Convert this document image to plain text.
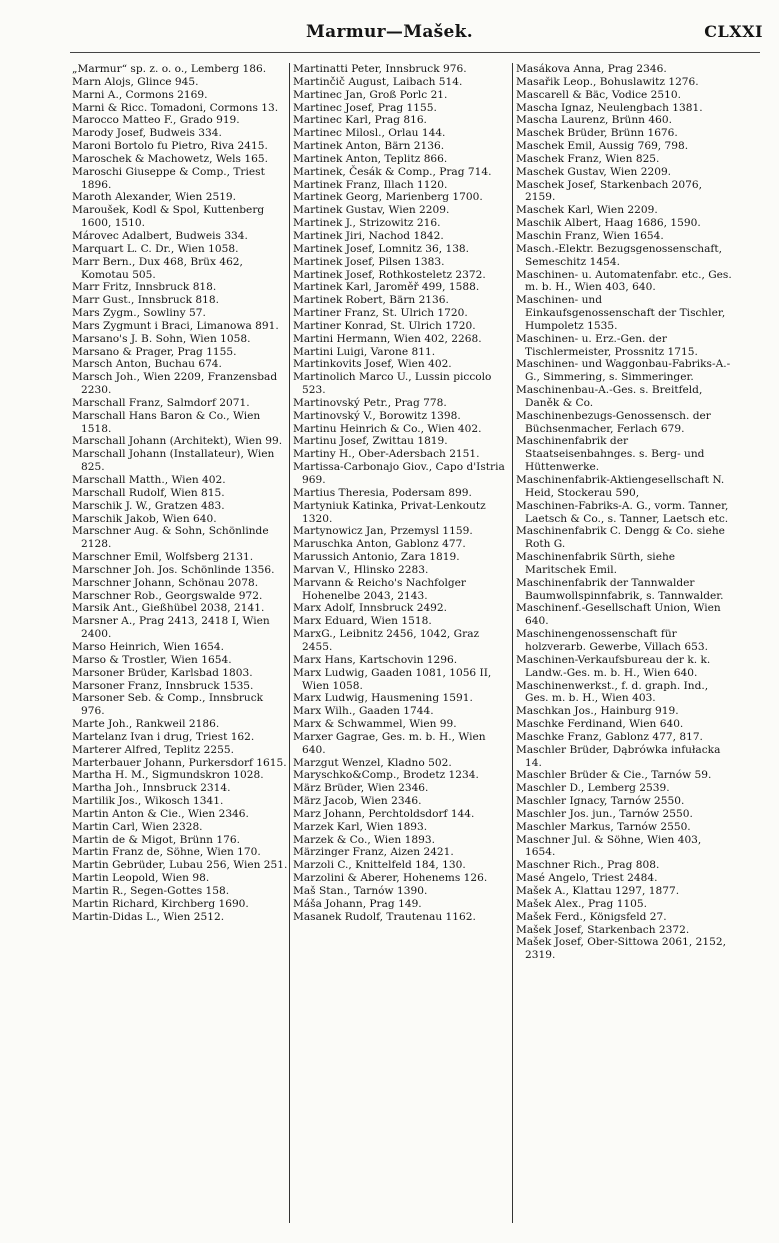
Marmur—Mašek.	CLXXI
„Marmur“ sp. z. o. o., Lemberg 186.
Marn Alojs, Glince 945.
Marni A., Cormons 2169.
Marni & Ricc. Tomadoni, Cormons 13.
Marocco Matteo F., Grado 919.
Marody Josef, Budweis 334.
Maroni Bortolo fu Pietro, Riva 2415.
Maroschek & Machowetz, Wels 165.
Maroschi Giuseppe & Comp., Triest 1896.
Maroth Alexander, Wien 2519.
Maroušek, Kodl & Spol, Kuttenberg 1600, 1510.
Márovec Adalbert, Budweis 334.
Marquart L. C. Dr., Wien 1058.
Marr Bern., Dux 468, Brüx 462, Komotau 505.
Marr Fritz, Innsbruck 818.
Marr Gust., Innsbruck 818.
Mars Zygm., Sowliny 57.
Mars Zygmunt i Braci, Limanowa 891.
Marsano's J. B. Sohn, Wien 1058.
Marsano & Prager, Prag 1155.
Marsch Anton, Buchau 674.
Marsch Joh., Wien 2209, Franzensbad 2230.
Marschall Franz, Salmdorf 2071.
Marschall Hans Baron & Co., Wien 1518.
Marschall Johann (Architekt), Wien 99.
Marschall Johann (Installateur), Wien 825.
Marschall Matth., Wien 402.
Marschall Rudolf, Wien 815.
Marschik J. W., Gratzen 483.
Marschik Jakob, Wien 640.
Marschner Aug. & Sohn, Schönlinde 2128.
Marschner Emil, Wolfsberg 2131.
Marschner Joh. Jos. Schönlinde 1356.
Marschner Johann, Schönau 2078.
Marschner Rob., Georgswalde 972.
Marsik Ant., Gießhübel 2038, 2141.
Marsner A., Prag 2413, 2418 I, Wien 2400.
Marso Heinrich, Wien 1654.
Marso & Trostler, Wien 1654.
Marsoner Brüder, Karlsbad 1803.
Marsoner Franz, Innsbruck 1535.
Marsoner Seb. & Comp., Innsbruck 976.
Marte Joh., Rankweil 2186.
Martelanz Ivan i drug, Triest 162.
Marterer Alfred, Teplitz 2255.
Marterbauer Johann, Purkersdorf 1615.
Martha H. M., Sigmundskron 1028.
Martha Joh., Innsbruck 2314.
Martilik Jos., Wikosch 1341.
Martin Anton & Cie., Wien 2346.
Martin Carl, Wien 2328.
Martin de & Migot, Brünn 176.
Martin Franz de, Söhne, Wien 170.
Martin Gebrüder, Lubau 256, Wien 251.
Martin Leopold, Wien 98.
Martin R., Segen-Gottes 158.
Martin Richard, Kirchberg 1690.
Martin-Didas L., Wien 2512.
Martinatti Peter, Innsbruck 976.
Martinčič August, Laibach 514.
Martinec Jan, Groß Porlc 21.
Martinec Josef, Prag 1155.
Martinec Karl, Prag 816.
Martinec Milosl., Orlau 144.
Martinek Anton, Bärn 2136.
Martinek Anton, Teplitz 866.
Martinek, Česák & Comp., Prag 714.
Martinek Franz, Illach 1120.
Martinek Georg, Marienberg 1700.
Martinek Gustav, Wien 2209.
Martinek J., Strizowitz 216.
Martinek Jiri, Nachod 1842.
Martinek Josef, Lomnitz 36, 138.
Martinek Josef, Pilsen 1383.
Martinek Josef, Rothkosteletz 2372.
Martinek Karl, Jaroměř 499, 1588.
Martinek Robert, Bärn 2136.
Martiner Franz, St. Ulrich 1720.
Martiner Konrad, St. Ulrich 1720.
Martini Hermann, Wien 402, 2268.
Martini Luigi, Varone 811.
Martinkovits Josef, Wien 402.
Martinolich Marco U., Lussin piccolo 523.
Martinovský Petr., Prag 778.
Martinovský V., Borowitz 1398.
Martinu Heinrich & Co., Wien 402.
Martinu Josef, Zwittau 1819.
Martiny H., Ober-Adersbach 2151.
Martissa-Carbonajo Giov., Capo d'Istria 969.
Martius Theresia, Podersam 899.
Martyniuk Katinka, Privat-Lenkoutz 1320.
Martynowicz Jan, Przemysl 1159.
Maruschka Anton, Gablonz 477.
Marussich Antonio, Zara 1819.
Marvan V., Hlinsko 2283.
Marvann & Reicho's Nachfolger Hohenelbe 2043, 2143.
Marx Adolf, Innsbruck 2492.
Marx Eduard, Wien 1518.
MarxG., Leibnitz 2456, 1042, Graz 2455.
Marx Hans, Kartschovin 1296.
Marx Ludwig, Gaaden 1081, 1056 II, Wien 1058.
Marx Ludwig, Hausmening 1591.
Marx Wilh., Gaaden 1744.
Marx & Schwammel, Wien 99.
Marxer Gagrae, Ges. m. b. H., Wien 640.
Marzgut Wenzel, Kladno 502.
Maryschko&Comp., Brodetz 1234.
März Brüder, Wien 2346.
März Jacob, Wien 2346.
Marz Johann, Perchtoldsdorf 144.
Marzek Karl, Wien 1893.
Marzek & Co., Wien 1893.
Märzinger Franz, Aizen 2421.
Marzoli C., Knittelfeld 184, 130.
Marzolini & Aberer, Hohenems 126.
Maš Stan., Tarnów 1390.
Máša Johann, Prag 149.
Masanek Rudolf, Trautenau 1162.
Masákova Anna, Prag 2346.
Masařik Leop., Bohuslawitz 1276.
Mascarell & Bäc, Vodice 2510.
Mascha Ignaz, Neulengbach 1381.
Mascha Laurenz, Brünn 460.
Maschek Brüder, Brünn 1676.
Maschek Emil, Aussig 769, 798.
Maschek Franz, Wien 825.
Maschek Gustav, Wien 2209.
Maschek Josef, Starkenbach 2076, 2159.
Maschek Karl, Wien 2209.
Maschik Albert, Haag 1686, 1590.
Maschin Franz, Wien 1654.
Masch.-Elektr. Bezugsgenossenschaft, Semeschitz 1454.
Maschinen- u. Automatenfabr. etc., Ges. m. b. H., Wien 403, 640.
Maschinen- und Einkaufsgenossenschaft der Tischler, Humpoletz 1535.
Maschinen- u. Erz.-Gen. der Tischlermeister, Prossnitz 1715.
Maschinen- und Waggonbau-Fabriks-A.-G., Simmering, s. Simmeringer.
Maschinenbau-A.-Ges. s. Breitfeld, Daněk & Co.
Maschinenbezugs-Genossensch. der Büchsenmacher, Ferlach 679.
Maschinenfabrik der Staatseisenbahnges. s. Berg- und Hüttenwerke.
Maschinenfabrik-Aktiengesellschaft N. Heid, Stockerau 590,
Maschinen-Fabriks-A. G., vorm. Tanner, Laetsch & Co., s. Tanner, Laetsch etc.
Maschinenfabrik C. Dengg & Co. siehe Roth G.
Maschinenfabrik Sürth, siehe Maritschek Emil.
Maschinenfabrik der Tannwalder Baumwollspinnfabrik, s. Tannwalder.
Maschinenf.-Gesellschaft Union, Wien 640.
Maschinengenossenschaft für holzverarb. Gewerbe, Villach 653.
Maschinen-Verkaufsbureau der k. k. Landw.-Ges. m. b. H., Wien 640.
Maschinenwerkst., f. d. graph. Ind., Ges. m. b. H., Wien 403.
Maschkan Jos., Hainburg 919.
Maschke Ferdinand, Wien 640.
Maschke Franz, Gablonz 477, 817.
Maschler Brüder, Dąbrówka infułacka 14.
Maschler Brüder & Cie., Tarnów 59.
Maschler D., Lemberg 2539.
Maschler Ignacy, Tarnów 2550.
Maschler Jos. jun., Tarnów 2550.
Maschler Markus, Tarnów 2550.
Maschner Jul. & Söhne, Wien 403, 1654.
Maschner Rich., Prag 808.
Masé Angelo, Triest 2484.
Mašek A., Klattau 1297, 1877.
Mašek Alex., Prag 1105.
Mašek Ferd., Königsfeld 27.
Mašek Josef, Starkenbach 2372.
Mašek Josef, Ober-Sittowa 2061, 2152, 2319.
